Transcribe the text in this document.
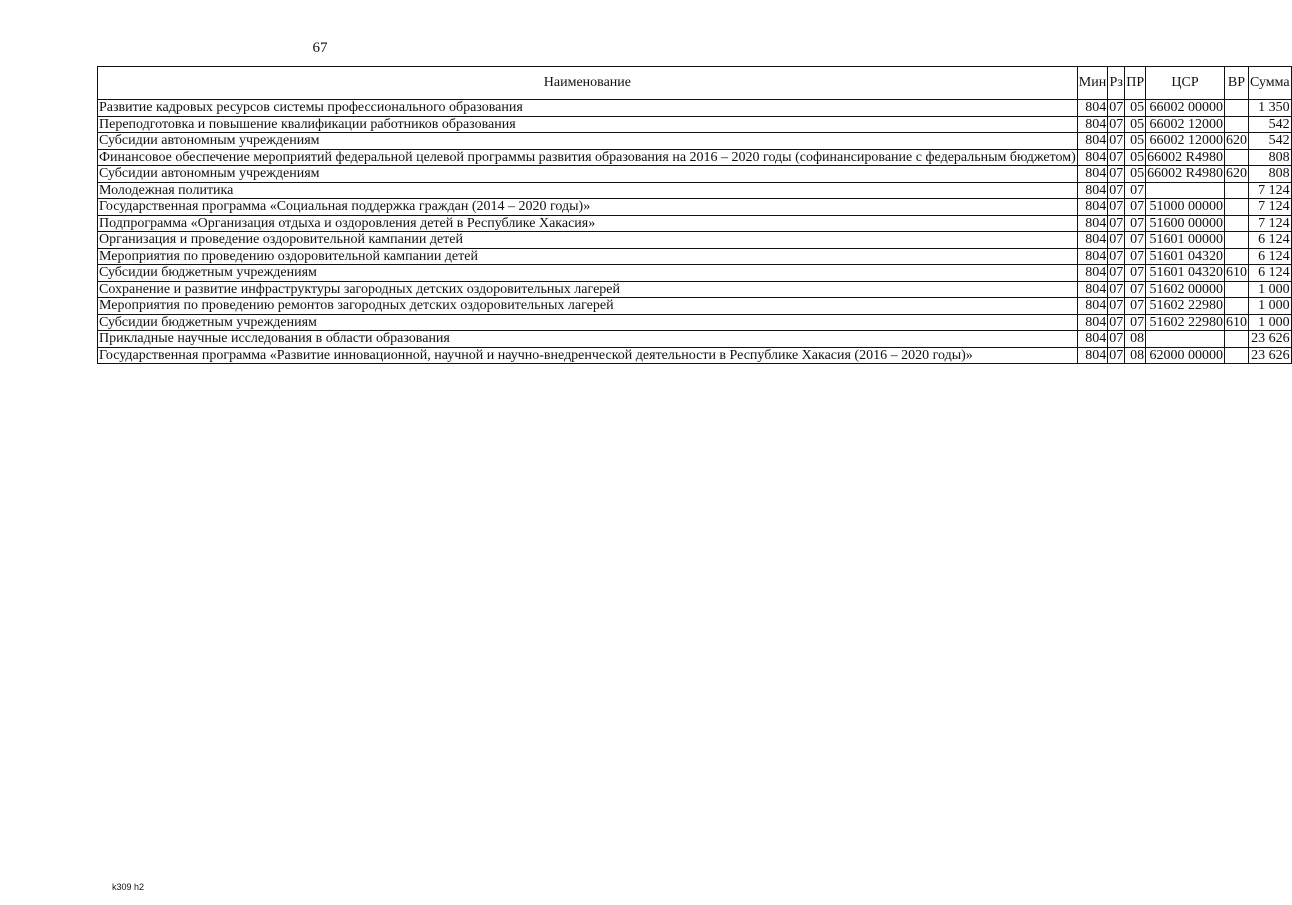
67
Наименование	Мин	Рз	ПР	ЦСР	ВР	Сумма
Развитие кадровых ресурсов системы профессионального образования	804	07	05	66002 00000		1 350
Переподготовка и повышение квалификации работников образования	804	07	05	66002 12000		542
Субсидии автономным учреждениям	804	07	05	66002 12000	620	542
Финансовое обеспечение мероприятий федеральной целевой программы развития образования на 2016 – 2020 годы (софинансирование с федеральным бюджетом)	804	07	05	66002 R4980		808
Субсидии автономным учреждениям	804	07	05	66002 R4980	620	808
Молодежная политика	804	07	07			7 124
Государственная программа «Социальная поддержка граждан (2014 – 2020 годы)»	804	07	07	51000 00000		7 124
Подпрограмма «Организация отдыха и оздоровления детей в Республике Хакасия»	804	07	07	51600 00000		7 124
Организация и проведение оздоровительной кампании детей	804	07	07	51601 00000		6 124
Мероприятия по проведению оздоровительной кампании детей	804	07	07	51601 04320		6 124
Субсидии бюджетным учреждениям	804	07	07	51601 04320	610	6 124
Сохранение и развитие инфраструктуры загородных детских оздоровительных лагерей	804	07	07	51602 00000		1 000
Мероприятия по проведению ремонтов загородных детских оздоровительных лагерей	804	07	07	51602 22980		1 000
Субсидии бюджетным учреждениям	804	07	07	51602 22980	610	1 000
Прикладные научные исследования в области образования	804	07	08			23 626
Государственная программа «Развитие инновационной, научной и научно-внедренческой деятельности в Республике Хакасия (2016 – 2020 годы)»	804	07	08	62000 00000		23 626
k309 h2
